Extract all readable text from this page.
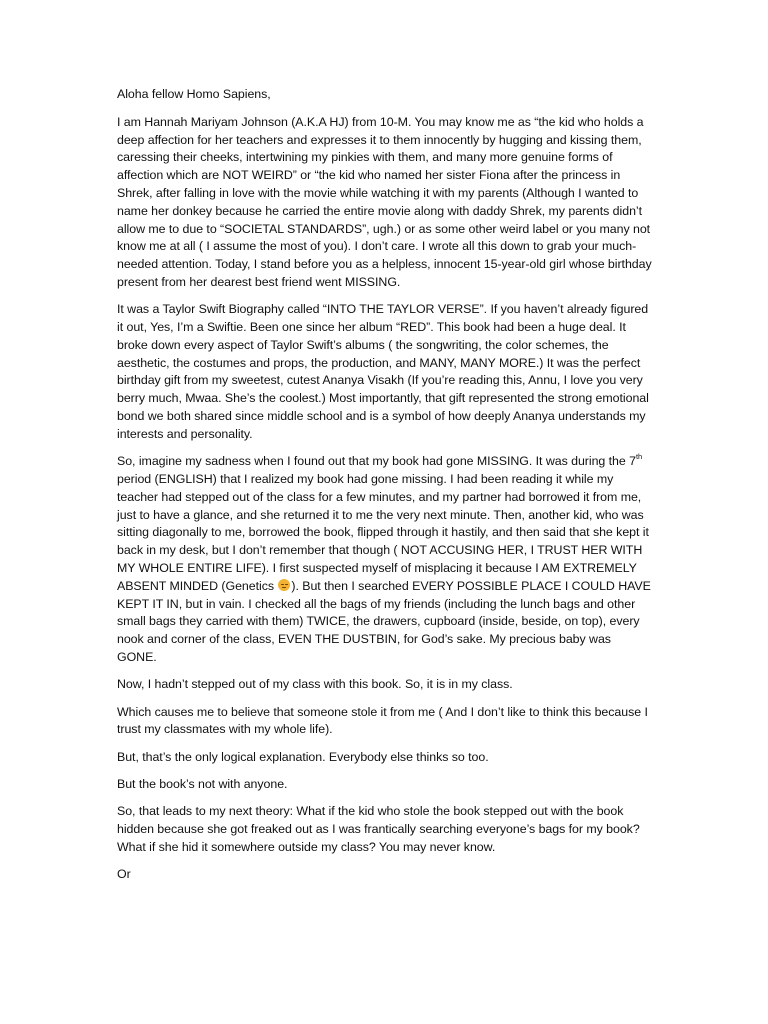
Aloha fellow Homo Sapiens,

I am Hannah Mariyam Johnson (A.K.A HJ) from 10-M. You may know me as “the kid who holds a deep affection for her teachers and expresses it to them innocently by hugging and kissing them, caressing their cheeks, intertwining my pinkies with them, and many more genuine forms of affection which are NOT WEIRD” or “the kid who named her sister Fiona after the princess in Shrek, after falling in love with the movie while watching it with my parents (Although I wanted to name her donkey because he carried the entire movie along with daddy Shrek, my parents didn’t allow me to due to “SOCIETAL STANDARDS”, ugh.) or as some other weird label or you many not know me at all ( I assume the most of you). I don’t care. I wrote all this down to grab your much-needed attention. Today, I stand before you as a helpless, innocent 15-year-old girl whose birthday present from her dearest best friend went MISSING.

It was a Taylor Swift Biography called “INTO THE TAYLOR VERSE”. If you haven’t already figured it out, Yes, I’m a Swiftie. Been one since her album “RED”. This book had been a huge deal. It broke down every aspect of Taylor Swift’s albums ( the songwriting, the color schemes, the aesthetic, the costumes and props, the production, and MANY, MANY MORE.) It was the perfect birthday gift from my sweetest, cutest Ananya Visakh (If you’re reading this, Annu, I love you very berry much, Mwaa. She’s the coolest.) Most importantly, that gift represented the strong emotional bond we both shared since middle school and is a symbol of how deeply Ananya understands my interests and personality.

So, imagine my sadness when I found out that my book had gone MISSING. It was during the 7th period (ENGLISH) that I realized my book had gone missing. I had been reading it while my teacher had stepped out of the class for a few minutes, and my partner had borrowed it from me, just to have a glance, and she returned it to me the very next minute. Then, another kid, who was sitting diagonally to me, borrowed the book, flipped through it hastily, and then said that she kept it back in my desk, but I don’t remember that though ( NOT ACCUSING HER, I TRUST HER WITH MY WHOLE ENTIRE LIFE). I first suspected myself of misplacing it because I AM EXTREMELY ABSENT MINDED (Genetics
). But then I searched EVERY POSSIBLE PLACE I COULD HAVE KEPT IT IN, but in vain. I checked all the bags of my friends (including the lunch bags and other small bags they carried with them) TWICE, the drawers, cupboard (inside, beside, on top), every nook and corner of the class, EVEN THE DUSTBIN, for God’s sake. My precious baby was GONE.

Now, I hadn’t stepped out of my class with this book. So, it is in my class.

Which causes me to believe that someone stole it from me ( And I don’t like to think this because I trust my classmates with my whole life).

But, that’s the only logical explanation. Everybody else thinks so too.

But the book’s not with anyone.

So, that leads to my next theory: What if the kid who stole the book stepped out with the book hidden because she got freaked out as I was frantically searching everyone’s bags for my book? What if she hid it somewhere outside my class? You may never know.

Or
